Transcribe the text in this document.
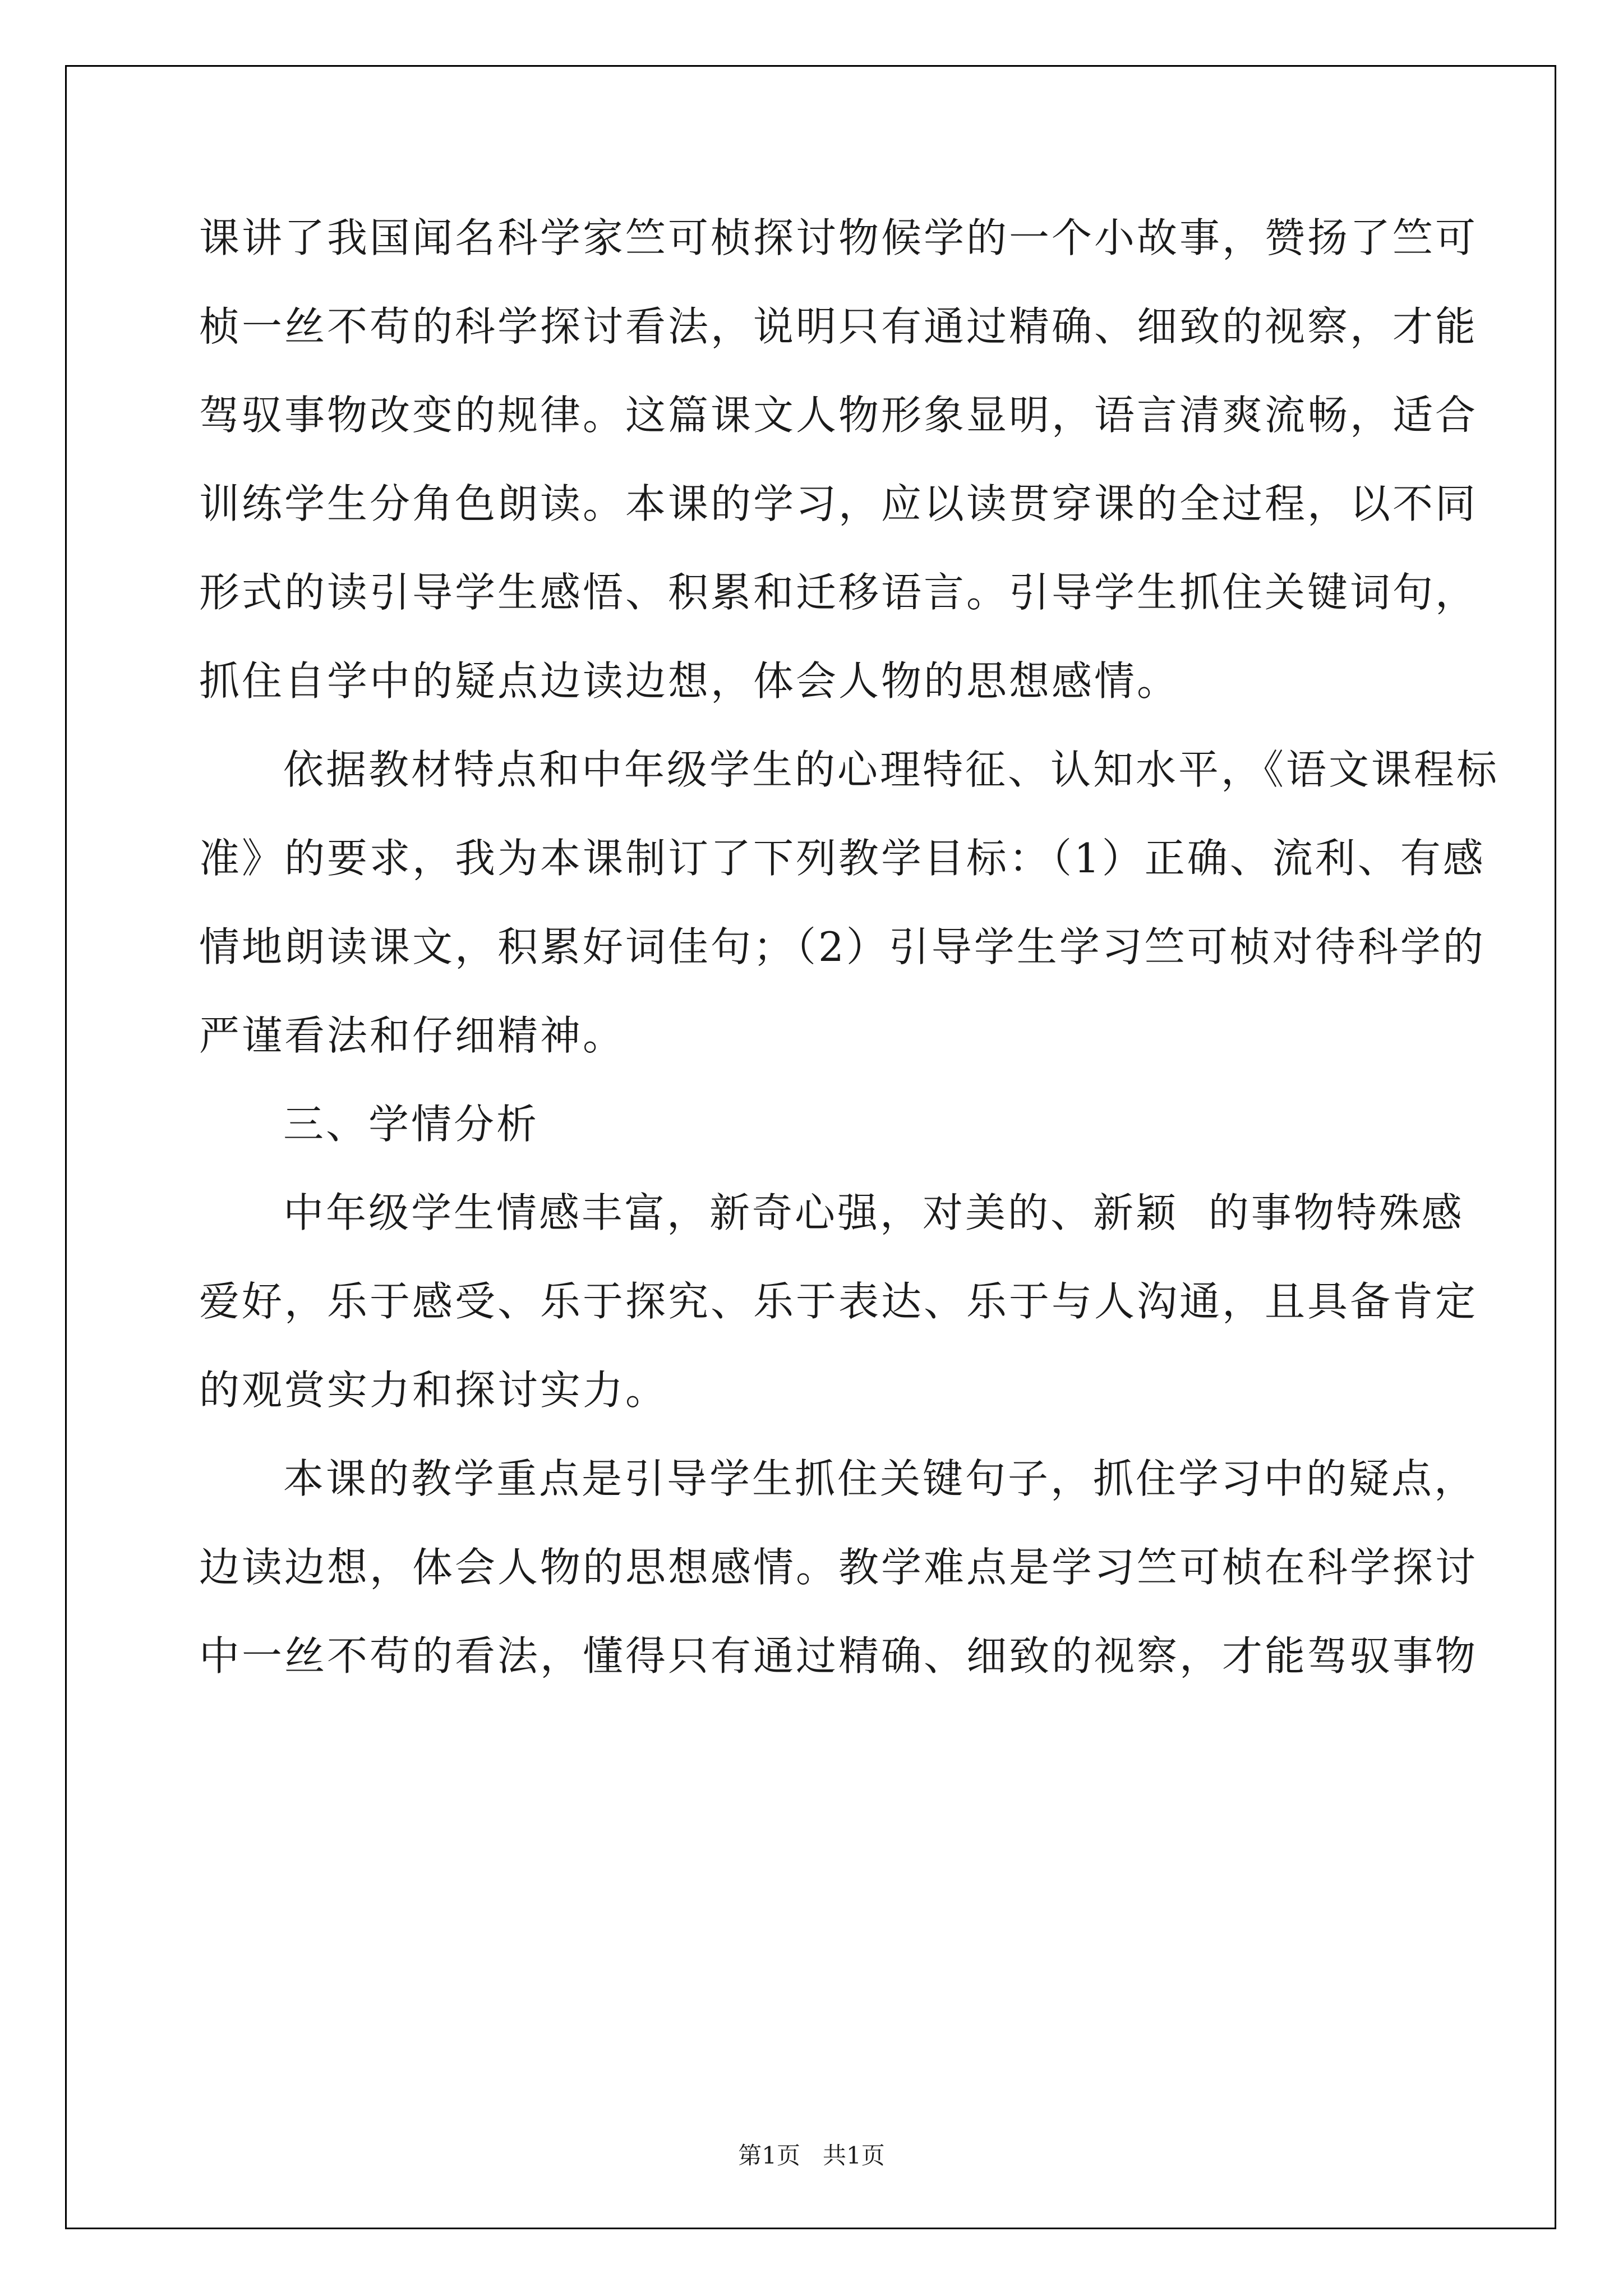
课讲了我国闻名科学家竺可桢探讨物候学的一个小故事，赞扬了竺可
桢一丝不苟的科学探讨看法，说明只有通过精确、细致的视察，才能
驾驭事物改变的规律。这篇课文人物形象显明，语言清爽流畅，适合
训练学生分角色朗读。本课的学习，应以读贯穿课的全过程，以不同
形式的读引导学生感悟、积累和迁移语言。引导学生抓住关键词句，
抓住自学中的疑点边读边想，体会人物的思想感情。
依据教材特点和中年级学生的心理特征、认知水平，《语文课程标
准》的要求，我为本课制订了下列教学目标：（1）正确、流利、有感
情地朗读课文，积累好词佳句；（2）引导学生学习竺可桢对待科学的
严谨看法和仔细精神。
三、学情分析
中年级学生情感丰富，新奇心强，对美的、新颖  的事物特殊感
爱好，乐于感受、乐于探究、乐于表达、乐于与人沟通，且具备肯定
的观赏实力和探讨实力。
本课的教学重点是引导学生抓住关键句子，抓住学习中的疑点，
边读边想，体会人物的思想感情。教学难点是学习竺可桢在科学探讨
中一丝不苟的看法，懂得只有通过精确、细致的视察，才能驾驭事物
第1页 共1页
